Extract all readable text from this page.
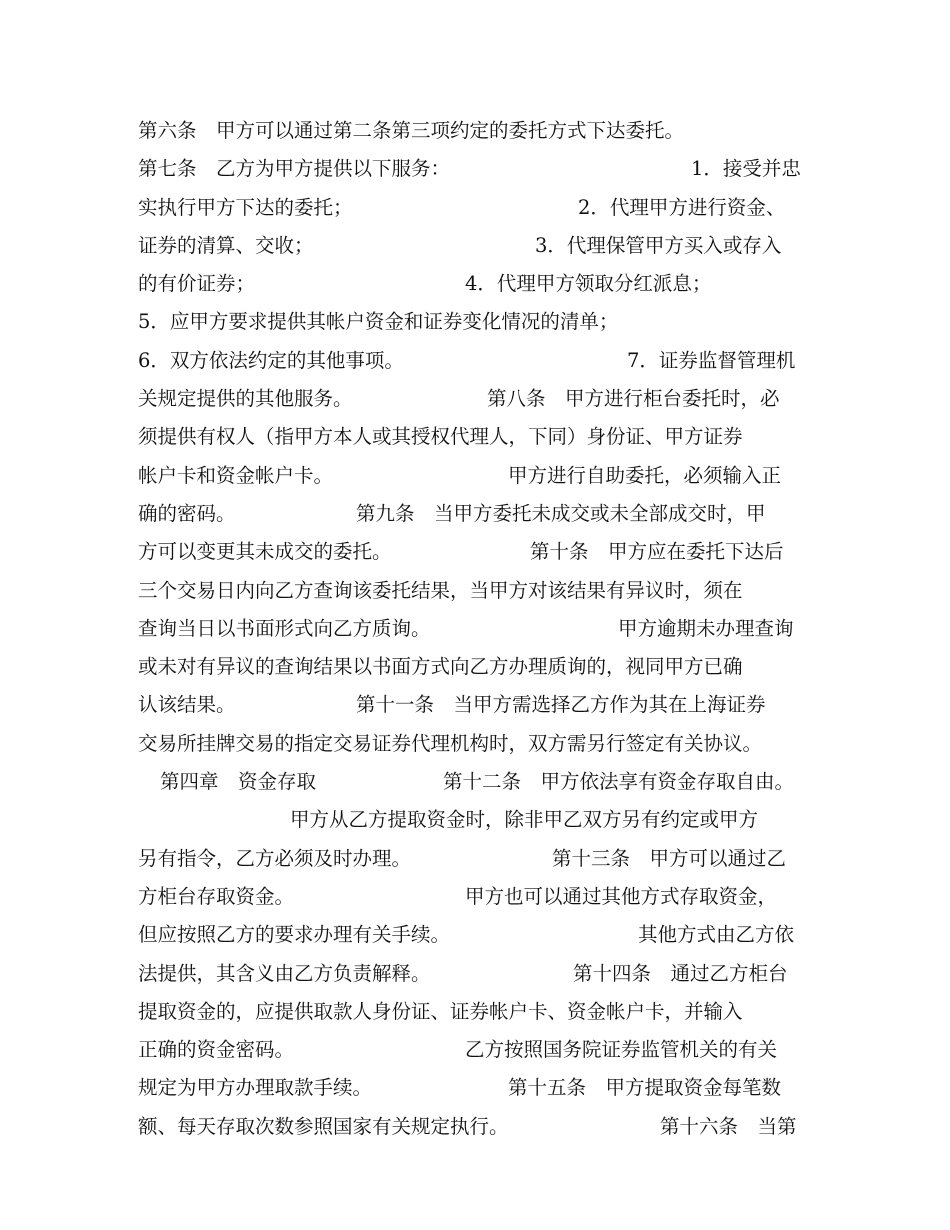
第六条　甲方可以通过第二条第三项约定的委托方式下达委托。
第七条　乙方为甲方提供以下服务：	1．接受并忠
实执行甲方下达的委托；	2．代理甲方进行资金、
证券的清算、交收；	3．代理保管甲方买入或存入
的有价证券；	4．代理甲方领取分红派息；
5．应甲方要求提供其帐户资金和证券变化情况的清单；
6．双方依法约定的其他事项。	7．证券监督管理机
关规定提供的其他服务。	第八条　甲方进行柜台委托时，必
须提供有权人（指甲方本人或其授权代理人，下同）身份证、甲方证券
帐户卡和资金帐户卡。	甲方进行自助委托，必须输入正
确的密码。	第九条　当甲方委托未成交或未全部成交时，甲
方可以变更其未成交的委托。	第十条　甲方应在委托下达后
三个交易日内向乙方查询该委托结果，当甲方对该结果有异议时，须在
查询当日以书面形式向乙方质询。	甲方逾期未办理查询
或未对有异议的查询结果以书面方式向乙方办理质询的，视同甲方已确
认该结果。	第十一条　当甲方需选择乙方作为其在上海证券
交易所挂牌交易的指定交易证券代理机构时，双方需另行签定有关协议。
第四章　资金存取	第十二条　甲方依法享有资金存取自由。
甲方从乙方提取资金时，除非甲乙双方另有约定或甲方
另有指令，乙方必须及时办理。	第十三条　甲方可以通过乙
方柜台存取资金。	甲方也可以通过其他方式存取资金，
但应按照乙方的要求办理有关手续。	其他方式由乙方依
法提供，其含义由乙方负责解释。	第十四条　通过乙方柜台
提取资金的，应提供取款人身份证、证券帐户卡、资金帐户卡，并输入
正确的资金密码。	乙方按照国务院证券监管机关的有关
规定为甲方办理取款手续。	第十五条　甲方提取资金每笔数
额、每天存取次数参照国家有关规定执行。	第十六条　当第
